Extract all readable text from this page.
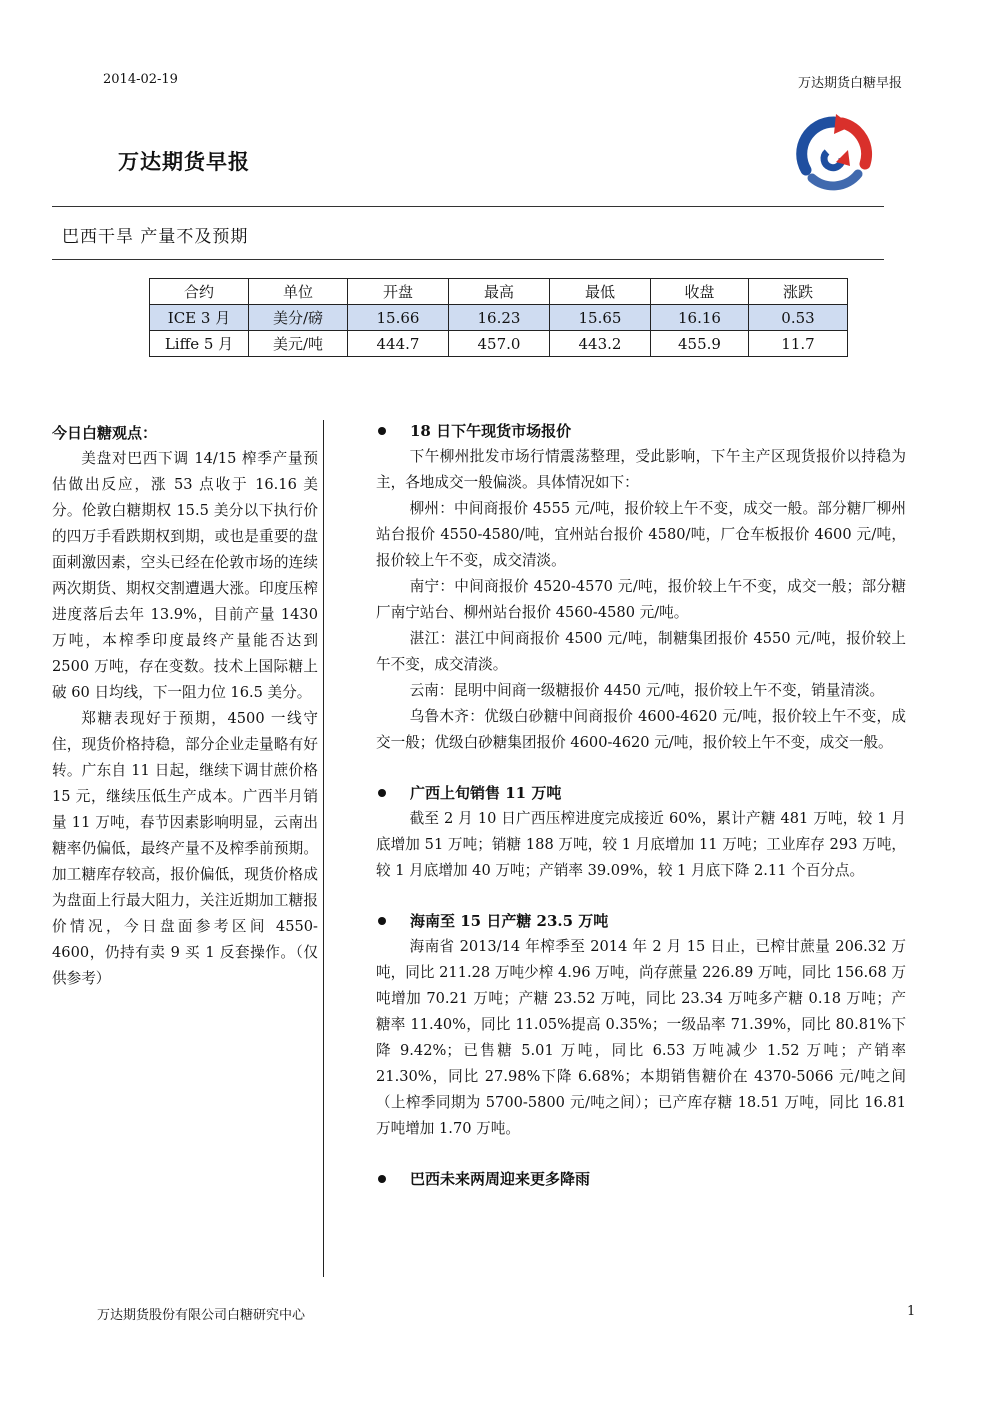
2014-02-19	万达期货白糖早报
万达期货早报
巴西干旱 产量不及预期
合约	单位	开盘	最高	最低	收盘	涨跌
ICE 3 月	美分/磅	15.66	16.23	15.65	16.16	0.53
Liffe 5 月	美元/吨	444.7	457.0	443.2	455.9	11.7
今日白糖观点：

美盘对巴西下调 14/15 榨季产量预估做出反应，涨 53 点收于 16.16 美分。伦敦白糖期权 15.5 美分以下执行价的四万手看跌期权到期，或也是重要的盘面刺激因素，空头已经在伦敦市场的连续两次期货、期权交割遭遇大涨。印度压榨进度落后去年 13.9%，目前产量 1430 万吨，本榨季印度最终产量能否达到 2500 万吨，存在变数。技术上国际糖上破 60 日均线，下一阻力位 16.5 美分。

郑糖表现好于预期，4500 一线守住，现货价格持稳，部分企业走量略有好转。广东自 11 日起，继续下调甘蔗价格 15 元，继续压低生产成本。广西半月销量 11 万吨，春节因素影响明显，云南出糖率仍偏低，最终产量不及榨季前预期。加工糖库存较高，报价偏低，现货价格成为盘面上行最大阻力，关注近期加工糖报价情况，今日盘面参考区间 4550-4600，仍持有卖 9 买 1 反套操作。（仅供参考）

18 日下午现货市场报价

下午柳州批发市场行情震荡整理，受此影响，下午主产区现货报价以持稳为主，各地成交一般偏淡。具体情况如下：

柳州：中间商报价 4555 元/吨，报价较上午不变，成交一般。部分糖厂柳州站台报价 4550-4580/吨，宜州站台报价 4580/吨，厂仓车板报价 4600 元/吨，报价较上午不变，成交清淡。

南宁：中间商报价 4520-4570 元/吨，报价较上午不变，成交一般；部分糖厂南宁站台、柳州站台报价 4560-4580 元/吨。

湛江：湛江中间商报价 4500 元/吨，制糖集团报价 4550 元/吨，报价较上午不变，成交清淡。

云南：昆明中间商一级糖报价 4450 元/吨，报价较上午不变，销量清淡。

乌鲁木齐：优级白砂糖中间商报价 4600-4620 元/吨，报价较上午不变，成交一般；优级白砂糖集团报价 4600-4620 元/吨，报价较上午不变，成交一般。

广西上旬销售 11 万吨

截至 2 月 10 日广西压榨进度完成接近 60%，累计产糖 481 万吨，较 1 月底增加 51 万吨；销糖 188 万吨，较 1 月底增加 11 万吨；工业库存 293 万吨，较 1 月底增加 40 万吨；产销率 39.09%，较 1 月底下降 2.11 个百分点。

海南至 15 日产糖 23.5 万吨

海南省 2013/14 年榨季至 2014 年 2 月 15 日止，已榨甘蔗量 206.32 万吨，同比 211.28 万吨少榨 4.96 万吨，尚存蔗量 226.89 万吨，同比 156.68 万吨增加 70.21 万吨；产糖 23.52 万吨，同比 23.34 万吨多产糖 0.18 万吨；产糖率 11.40%，同比 11.05%提高 0.35%；一级品率 71.39%，同比 80.81%下降 9.42%；已售糖 5.01 万吨，同比 6.53 万吨减少 1.52 万吨；产销率 21.30%，同比 27.98%下降 6.68%；本期销售糖价在 4370-5066 元/吨之间（上榨季同期为 5700-5800 元/吨之间）；已产库存糖 18.51 万吨，同比 16.81 万吨增加 1.70 万吨。

巴西未来两周迎来更多降雨
万达期货股份有限公司白糖研究中心	1
